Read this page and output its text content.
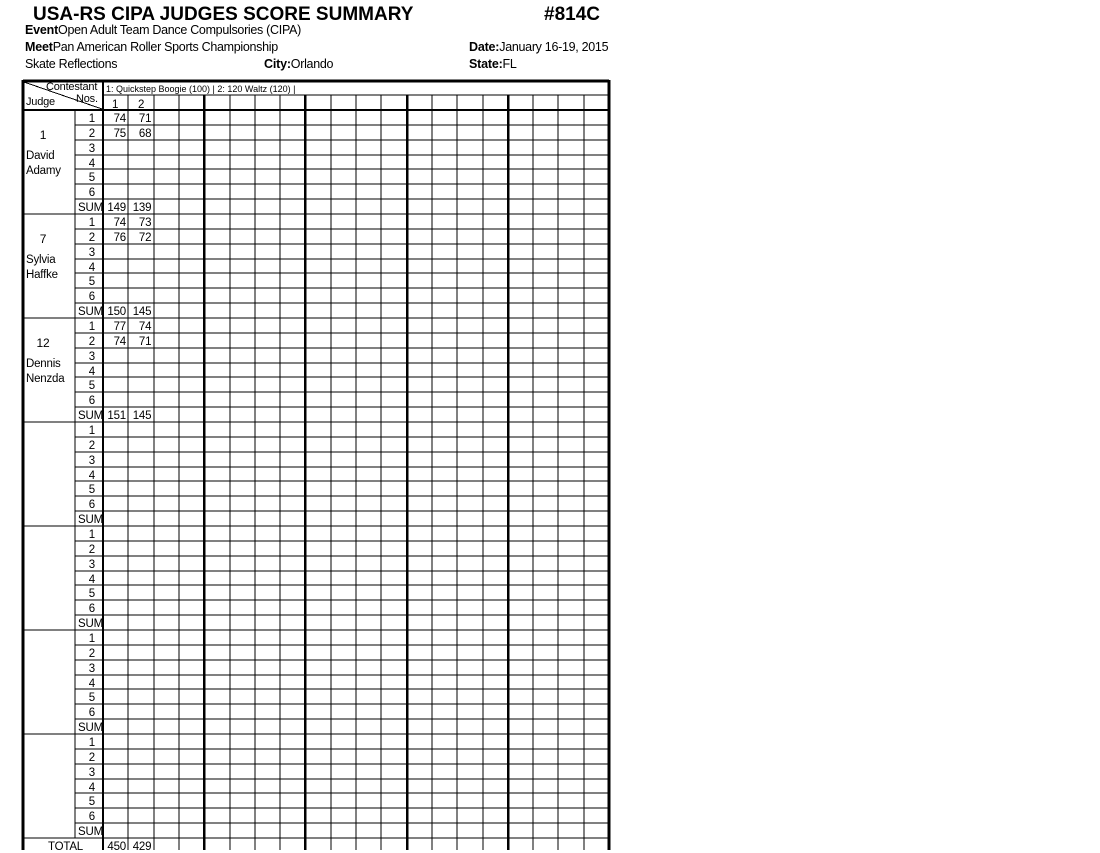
USA-RS CIPA JUDGES SCORE SUMMARY	#814C
EventOpen Adult Team Dance Compulsories (CIPA)
MeetPan American Roller Sports Championship	Date:January 16-19, 2015
Skate Reflections	City:Orlando	State:FL
Contestant
Nos.
Judge
1: Quickstep Boogie (100) | 2: 120 Waltz (120) |
1 2
1
David
Adamy
1	74	71
2	75	68
3
4
5
6
SUM 149 139
7
Sylvia
Haffke
1	74	73
2	76	72
3
4
5
6
SUM 150 145
12
Dennis
Nenzda
1	77	74
2	74	71
3
4
5
6
SUM 151 145
1
2
3
4
5
6
SUM
1
2
3
4
5
6
SUM
1
2
3
4
5
6
SUM
1
2
3
4
5
6
SUM
TOTAL 450 429
